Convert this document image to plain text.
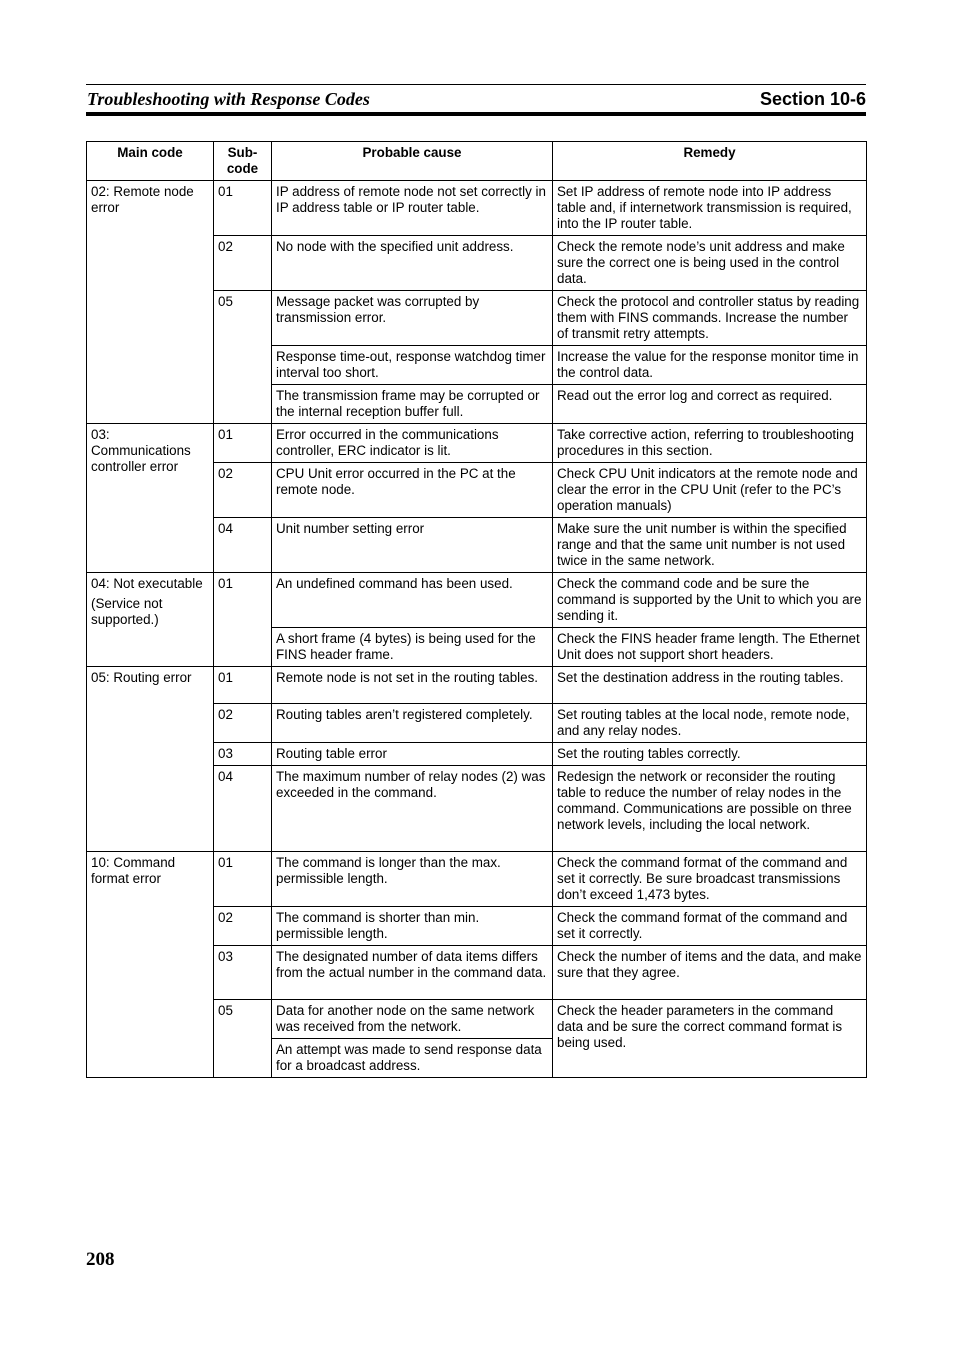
Troubleshooting with Response Codes	Section 10-6
Main code	Sub-code	Probable cause	Remedy

02: Remote node error	01	IP address of remote node not set correctly in IP address table or IP router table.	Set IP address of remote node into IP address table and, if internetwork transmission is required, into the IP router table.
	02	No node with the specified unit address.	Check the remote node’s unit address and make sure the correct one is being used in the control data.
	05	Message packet was corrupted by transmission error.	Check the protocol and controller status by reading them with FINS commands. Increase the number of transmit retry attempts.
		Response time-out, response watchdog timer interval too short.	Increase the value for the response monitor time in the control data.
		The transmission frame may be corrupted or the internal reception buffer full.	Read out the error log and correct as required.

03: Communications controller error	01	Error occurred in the communications controller, ERC indicator is lit.	Take corrective action, referring to troubleshooting procedures in this section.
	02	CPU Unit error occurred in the PC at the remote node.	Check CPU Unit indicators at the remote node and clear the error in the CPU Unit (refer to the PC’s operation manuals)
	04	Unit number setting error	Make sure the unit number is within the specified range and that the same unit number is not used twice in the same network.

04: Not executable

(Service not supported.)	01	An undefined command has been used.	Check the command code and be sure the command is supported by the Unit to which you are sending it.
		A short frame (4 bytes) is being used for the FINS header frame.	Check the FINS header frame length. The Ethernet Unit does not support short headers.

05: Routing error	01	Remote node is not set in the routing tables.	Set the destination address in the routing tables.
	02	Routing tables aren’t registered completely.	Set routing tables at the local node, remote node, and any relay nodes.
	03	Routing table error	Set the routing tables correctly.
	04	The maximum number of relay nodes (2) was exceeded in the command.	Redesign the network or reconsider the routing table to reduce the number of relay nodes in the command. Communications are possible on three network levels, including the local network.

10: Command format error	01	The command is longer than the max. permissible length.	Check the command format of the command and set it correctly. Be sure broadcast transmissions don’t exceed 1,473 bytes.
	02	The command is shorter than min. permissible length.	Check the command format of the command and set it correctly.
	03	The designated number of data items differs from the actual number in the command data.	Check the number of items and the data, and make sure that they agree.
	05	Data for another node on the same network was received from the network.	Check the header parameters in the command data and be sure the correct command format is being used.
		An attempt was made to send response data for a broadcast address.	
208
